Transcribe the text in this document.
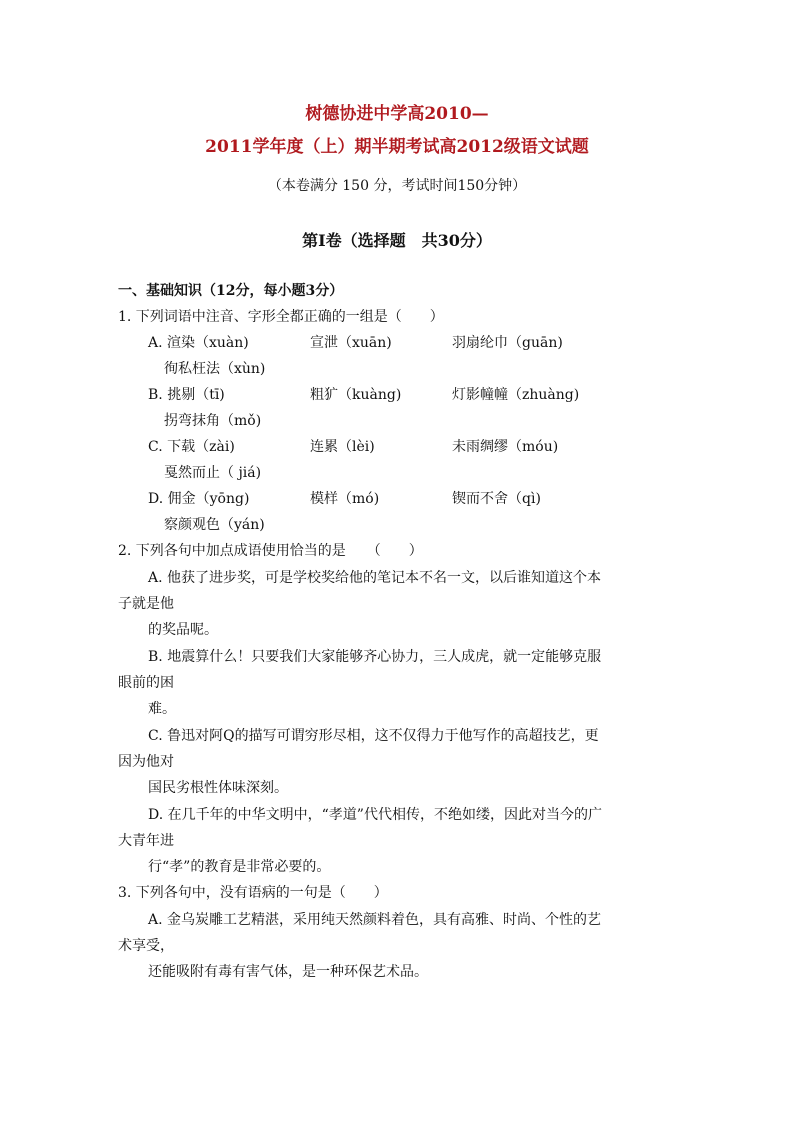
树德协进中学高2010—
2011学年度（上）期半期考试高2012级语文试题
（本卷满分 150 分，考试时间150分钟）
第Ⅰ卷（选择题　共30分）
一、基础知识（12分，每小题3分）
1. 下列词语中注音、字形全都正确的一组是（　　）
A. 渲染（xuàn)	宣泄（xuān)	羽扇纶巾（guān)
徇私枉法（xùn)
B. 挑剔（tī)	粗犷（kuàng)	灯影幢幢（zhuàng)
拐弯抹角（mǒ)
C. 下载（zài)	连累（lèi)	未雨绸缪（móu)
戛然而止（ jiá)
D. 佣金（yōng)	模样（mó)	锲而不舍（qì)
察颜观色（yán)
2. 下列各句中加点成语使用恰当的是　　（　　）
A. 他获了进步奖，可是学校奖给他的笔记本不名一文，以后谁知道这个本
子就是他
的奖品呢。
B. 地震算什么！只要我们大家能够齐心协力，三人成虎，就一定能够克服
眼前的困
难。
C. 鲁迅对阿Q的描写可谓穷形尽相，这不仅得力于他写作的高超技艺，更
因为他对
国民劣根性体味深刻。
D. 在几千年的中华文明中，“孝道”代代相传，不绝如缕，因此对当今的广
大青年进
行“孝”的教育是非常必要的。
3. 下列各句中，没有语病的一句是（　　）
A. 金乌炭雕工艺精湛，采用纯天然颜料着色，具有高雅、时尚、个性的艺
术享受，
还能吸附有毒有害气体，是一种环保艺术品。
